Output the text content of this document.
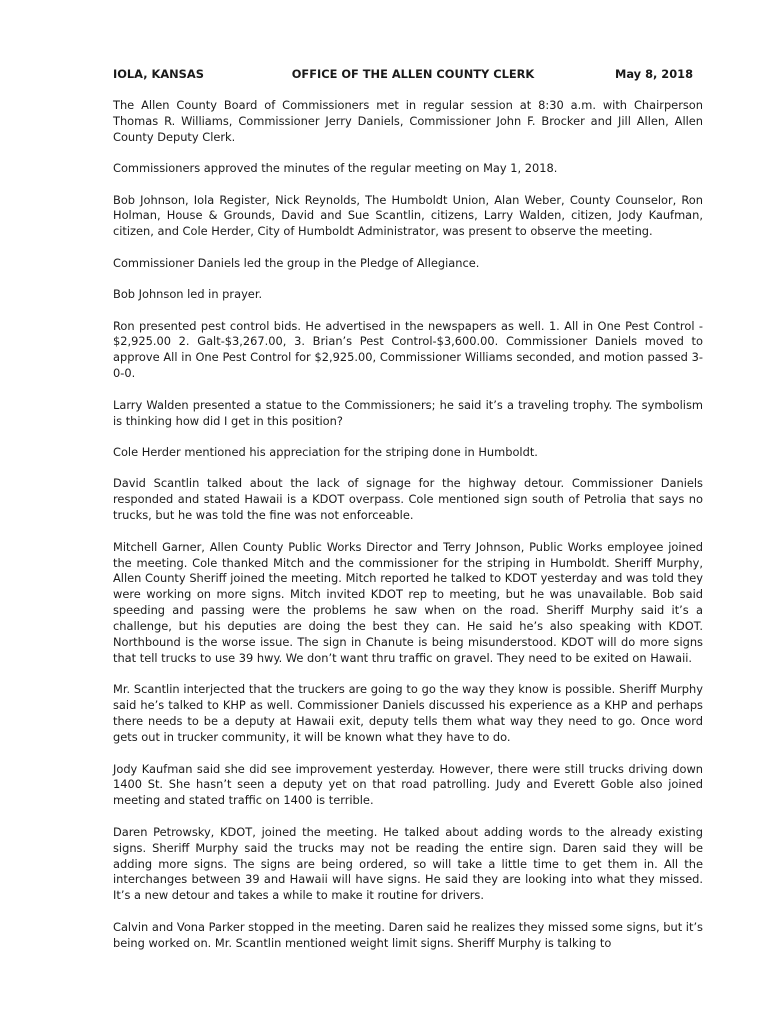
IOLA, KANSAS	OFFICE OF THE ALLEN COUNTY CLERK	May 8, 2018

The Allen County Board of Commissioners met in regular session at 8:30 a.m. with Chairperson Thomas R. Williams, Commissioner Jerry Daniels, Commissioner John F. Brocker and Jill Allen, Allen County Deputy Clerk.

Commissioners approved the minutes of the regular meeting on May 1, 2018.

Bob Johnson, Iola Register, Nick Reynolds, The Humboldt Union, Alan Weber, County Counselor, Ron Holman, House & Grounds, David and Sue Scantlin, citizens, Larry Walden, citizen, Jody Kaufman, citizen, and Cole Herder, City of Humboldt Administrator, was present to observe the meeting.

Commissioner Daniels led the group in the Pledge of Allegiance.

Bob Johnson led in prayer.

Ron presented pest control bids. He advertised in the newspapers as well. 1. All in One Pest Control - $2,925.00 2. Galt-$3,267.00, 3. Brian’s Pest Control-$3,600.00. Commissioner Daniels moved to approve All in One Pest Control for $2,925.00, Commissioner Williams seconded, and motion passed 3-0-0.

Larry Walden presented a statue to the Commissioners; he said it’s a traveling trophy. The symbolism is thinking how did I get in this position?

Cole Herder mentioned his appreciation for the striping done in Humboldt.

David Scantlin talked about the lack of signage for the highway detour. Commissioner Daniels responded and stated Hawaii is a KDOT overpass. Cole mentioned sign south of Petrolia that says no trucks, but he was told the fine was not enforceable.

Mitchell Garner, Allen County Public Works Director and Terry Johnson, Public Works employee joined the meeting. Cole thanked Mitch and the commissioner for the striping in Humboldt. Sheriff Murphy, Allen County Sheriff joined the meeting. Mitch reported he talked to KDOT yesterday and was told they were working on more signs. Mitch invited KDOT rep to meeting, but he was unavailable. Bob said speeding and passing were the problems he saw when on the road. Sheriff Murphy said it’s a challenge, but his deputies are doing the best they can. He said he’s also speaking with KDOT. Northbound is the worse issue. The sign in Chanute is being misunderstood. KDOT will do more signs that tell trucks to use 39 hwy. We don’t want thru traffic on gravel. They need to be exited on Hawaii.

Mr. Scantlin interjected that the truckers are going to go the way they know is possible. Sheriff Murphy said he’s talked to KHP as well. Commissioner Daniels discussed his experience as a KHP and perhaps there needs to be a deputy at Hawaii exit, deputy tells them what way they need to go. Once word gets out in trucker community, it will be known what they have to do.

Jody Kaufman said she did see improvement yesterday. However, there were still trucks driving down 1400 St. She hasn’t seen a deputy yet on that road patrolling. Judy and Everett Goble also joined meeting and stated traffic on 1400 is terrible.

Daren Petrowsky, KDOT, joined the meeting. He talked about adding words to the already existing signs. Sheriff Murphy said the trucks may not be reading the entire sign. Daren said they will be adding more signs. The signs are being ordered, so will take a little time to get them in. All the interchanges between 39 and Hawaii will have signs. He said they are looking into what they missed. It’s a new detour and takes a while to make it routine for drivers.

Calvin and Vona Parker stopped in the meeting. Daren said he realizes they missed some signs, but it’s being worked on. Mr. Scantlin mentioned weight limit signs. Sheriff Murphy is talking to
